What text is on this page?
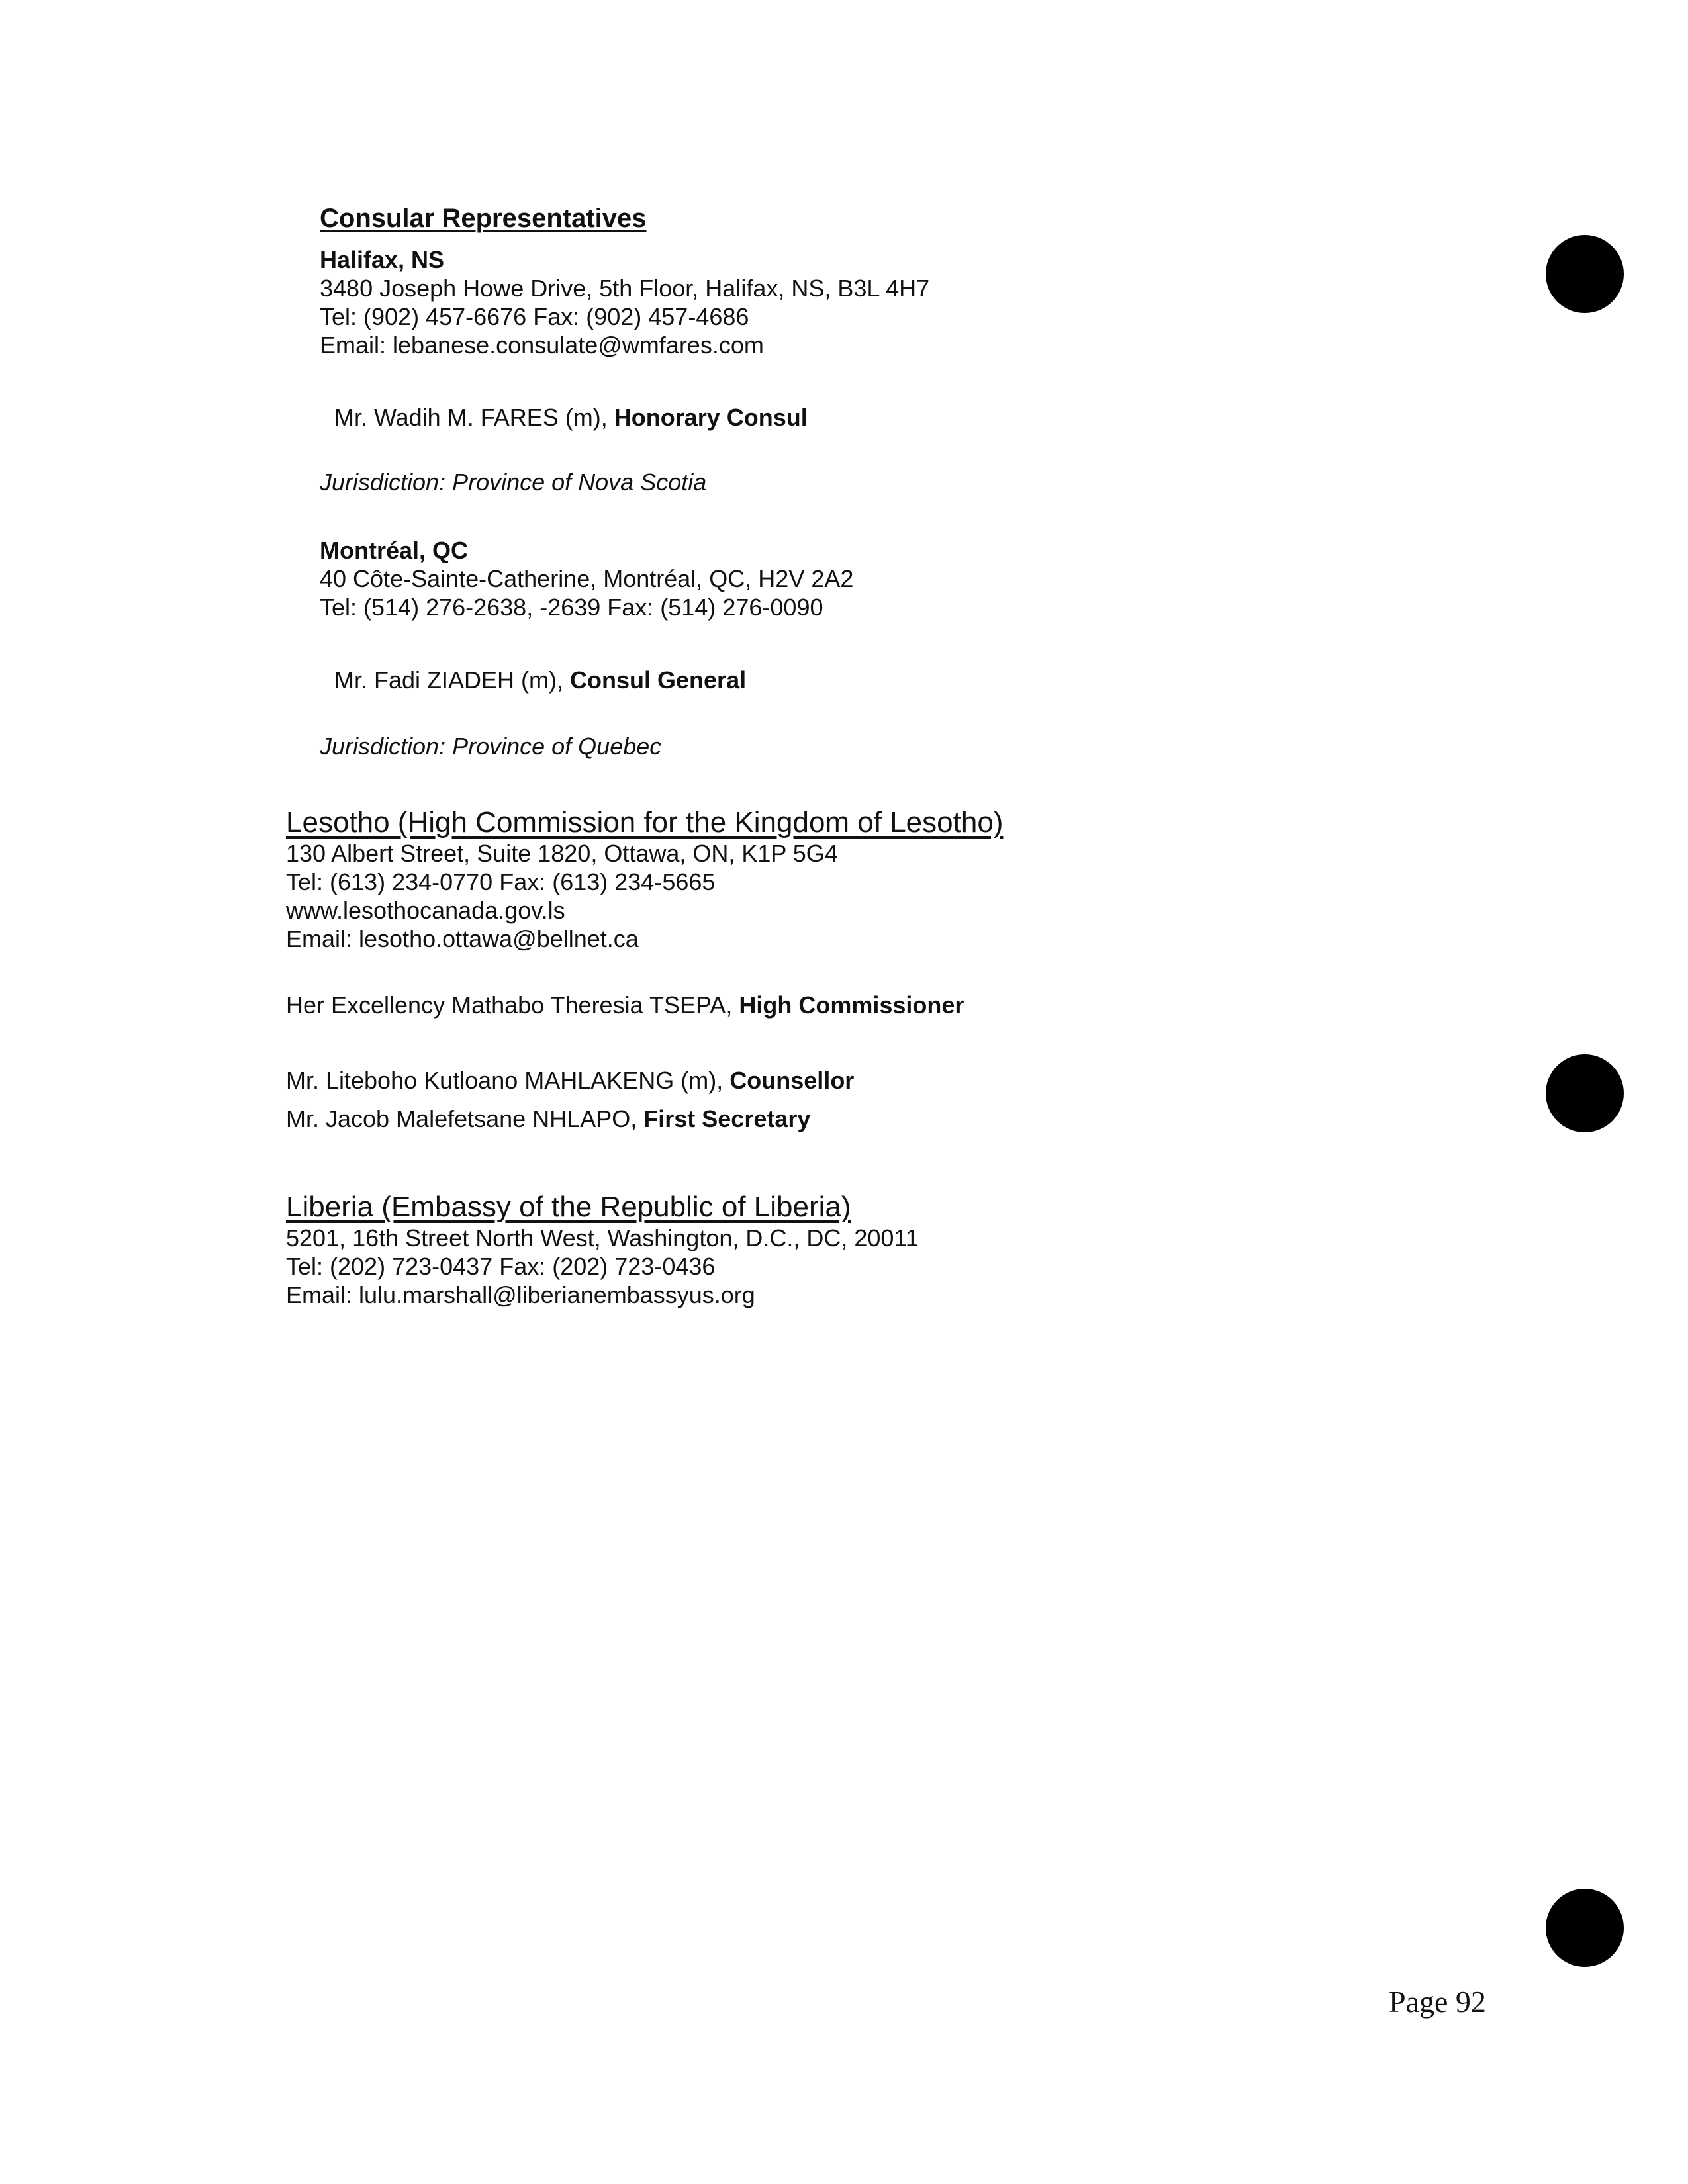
Consular Representatives
Halifax, NS
3480 Joseph Howe Drive, 5th Floor, Halifax, NS, B3L 4H7
Tel: (902) 457-6676 Fax: (902) 457-4686
Email: lebanese.consulate@wmfares.com
Mr. Wadih M. FARES (m), Honorary Consul
Jurisdiction: Province of Nova Scotia
Montréal, QC
40 Côte-Sainte-Catherine, Montréal, QC, H2V 2A2
Tel: (514) 276-2638, -2639 Fax: (514) 276-0090
Mr. Fadi ZIADEH (m), Consul General
Jurisdiction: Province of Quebec
Lesotho (High Commission for the Kingdom of Lesotho)
130 Albert Street, Suite 1820, Ottawa, ON, K1P 5G4
Tel: (613) 234-0770 Fax: (613) 234-5665
www.lesothocanada.gov.ls
Email: lesotho.ottawa@bellnet.ca
Her Excellency Mathabo Theresia TSEPA, High Commissioner
Mr. Liteboho Kutloano MAHLAKENG (m), Counsellor
Mr. Jacob Malefetsane NHLAPO, First Secretary
Liberia (Embassy of the Republic of Liberia)
5201, 16th Street North West, Washington, D.C., DC, 20011
Tel: (202) 723-0437 Fax: (202) 723-0436
Email: lulu.marshall@liberianembassyus.org
Page 92
